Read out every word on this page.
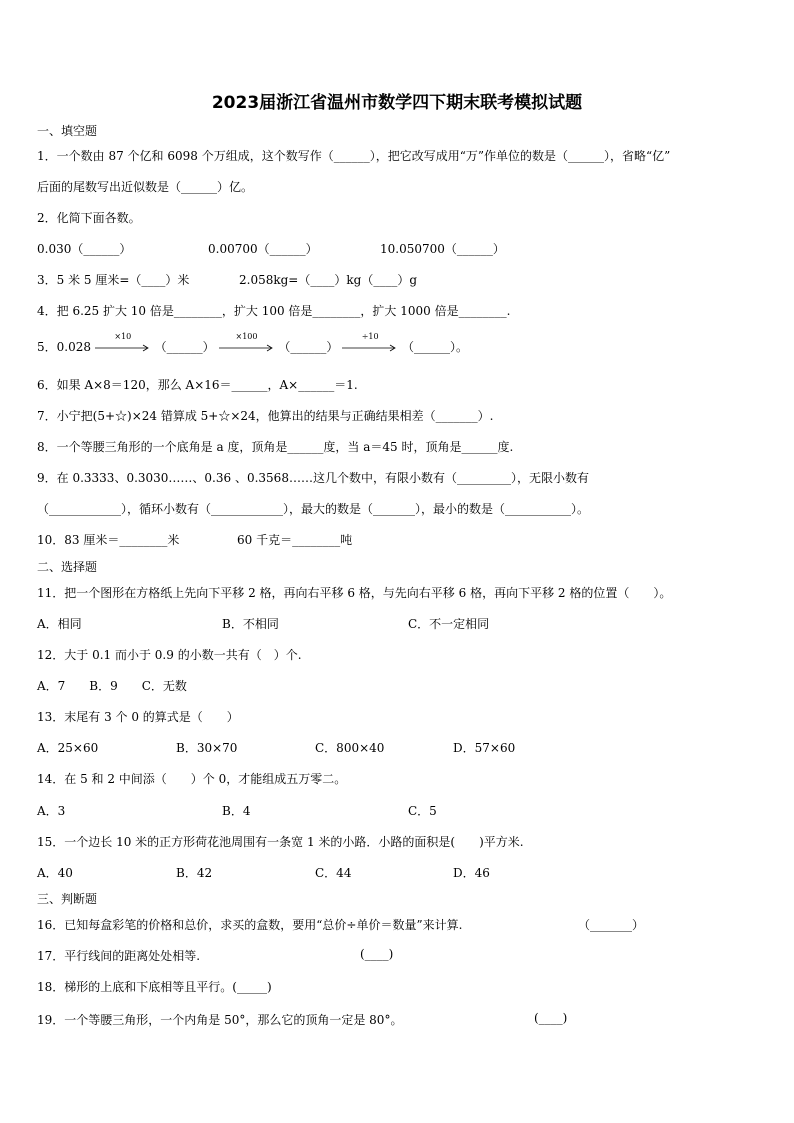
2023届浙江省温州市数学四下期末联考模拟试题
一、填空题
1．一个数由 87 个亿和 6098 个万组成，这个数写作（______），把它改写成用“万”作单位的数是（______），省略“亿”
后面的尾数写出近似数是（______）亿。
2．化简下面各数。
0.030（______）	0.00700（______）	10.050700（______）
3．5 米 5 厘米=（____）米	2.058kg=（____）kg（____）g
4．把 6.25 扩大 10 倍是________，扩大 100 倍是________，扩大 1000 倍是________.
5．0.028
×10
（______）
×100
（______）
÷10
（______）。
6．如果 A×8＝120，那么 A×16＝______，A×______＝1.
7．小宁把(5+☆)×24 错算成 5+☆×24，他算出的结果与正确结果相差（_______）.
8．一个等腰三角形的一个底角是 a 度，顶角是______度，当 a＝45 时，顶角是______度.
9．在 0.3333、0.3030……、0.36 、0.3568……这几个数中，有限小数有（_________），无限小数有
（____________），循环小数有（____________），最大的数是（_______），最小的数是（___________）。
10．83 厘米＝________米	60 千克＝________吨
二、选择题
11．把一个图形在方格纸上先向下平移 2 格，再向右平移 6 格，与先向右平移 6 格，再向下平移 2 格的位置（　　）。
A．相同	B．不相同	C．不一定相同
12．大于 0.1 而小于 0.9 的小数一共有（　）个.
A．7　　B．9　　C．无数
13．末尾有 3 个 0 的算式是（　　）
A．25×60	B．30×70	C．800×40	D．57×60
14．在 5 和 2 中间添（　　）个 0，才能组成五万零二。
A．3	B．4	C．5
15．一个边长 10 米的正方形荷花池周围有一条宽 1 米的小路．小路的面积是(　　)平方米.
A．40	B．42	C．44	D．46
三、判断题
16．已知每盒彩笔的价格和总价，求买的盒数，要用“总价÷单价＝数量”来计算.	（_______）
17．平行线间的距离处处相等.	(____)
18．梯形的上底和下底相等且平行。(_____)
19．一个等腰三角形，一个内角是 50°，那么它的顶角一定是 80°。	(____)
